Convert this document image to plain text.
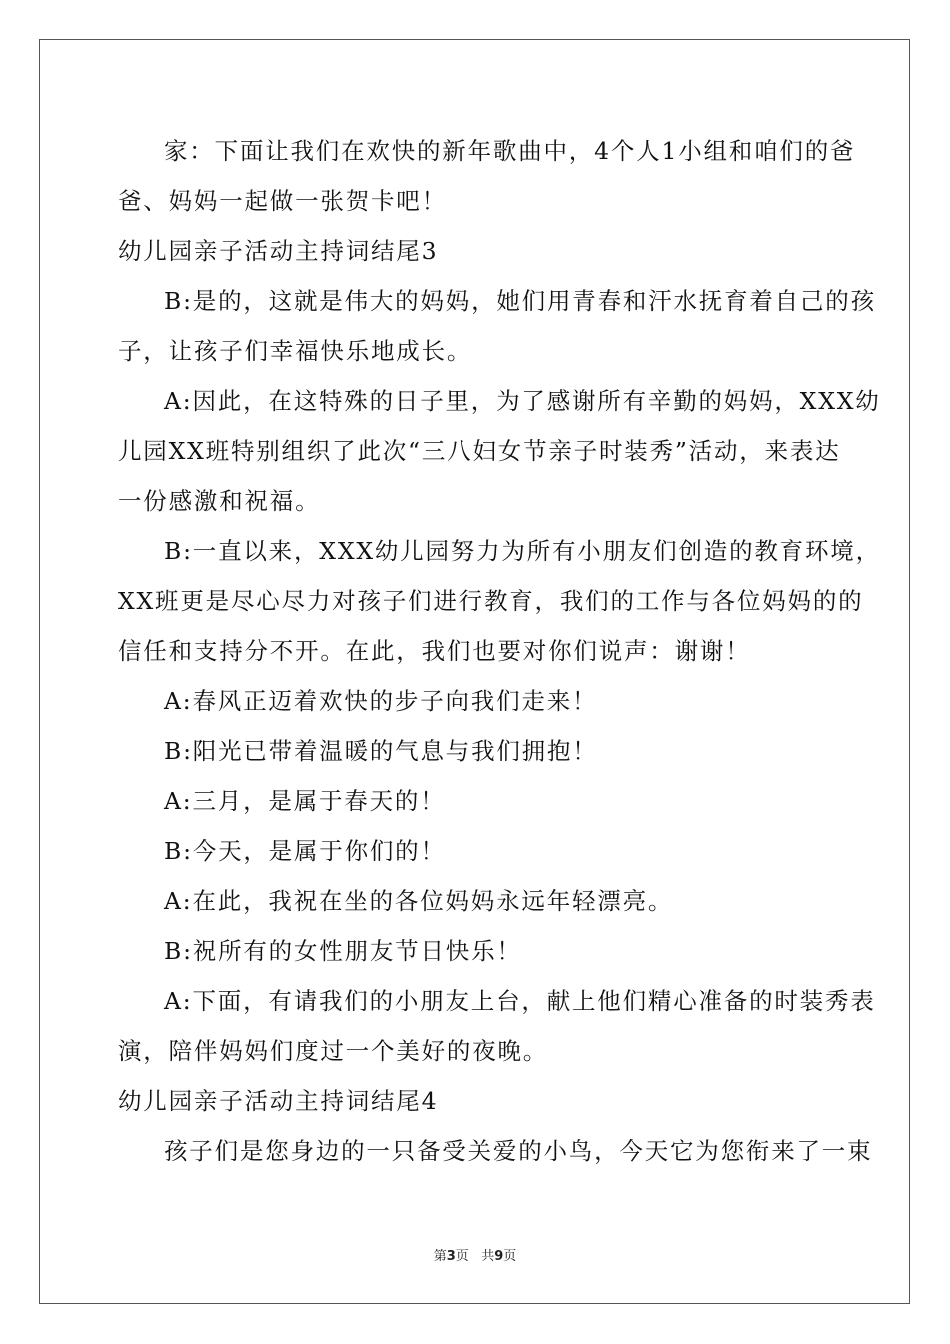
家：下面让我们在欢快的新年歌曲中，4个人1小组和咱们的爸
爸、妈妈一起做一张贺卡吧！
幼儿园亲子活动主持词结尾3
B:是的，这就是伟大的妈妈，她们用青春和汗水抚育着自己的孩
子，让孩子们幸福快乐地成长。
A:因此，在这特殊的日子里，为了感谢所有辛勤的妈妈，XXX幼
儿园XX班特别组织了此次“三八妇女节亲子时装秀”活动，来表达
一份感激和祝福。
B:一直以来，XXX幼儿园努力为所有小朋友们创造的教育环境，
XX班更是尽心尽力对孩子们进行教育，我们的工作与各位妈妈的的
信任和支持分不开。在此，我们也要对你们说声：谢谢！
A:春风正迈着欢快的步子向我们走来！
B:阳光已带着温暖的气息与我们拥抱！
A:三月，是属于春天的！
B:今天，是属于你们的！
A:在此，我祝在坐的各位妈妈永远年轻漂亮。
B:祝所有的女性朋友节日快乐！
A:下面，有请我们的小朋友上台，献上他们精心准备的时装秀表
演，陪伴妈妈们度过一个美好的夜晚。
幼儿园亲子活动主持词结尾4
孩子们是您身边的一只备受关爱的小鸟，今天它为您衔来了一束
第3页 共9页
